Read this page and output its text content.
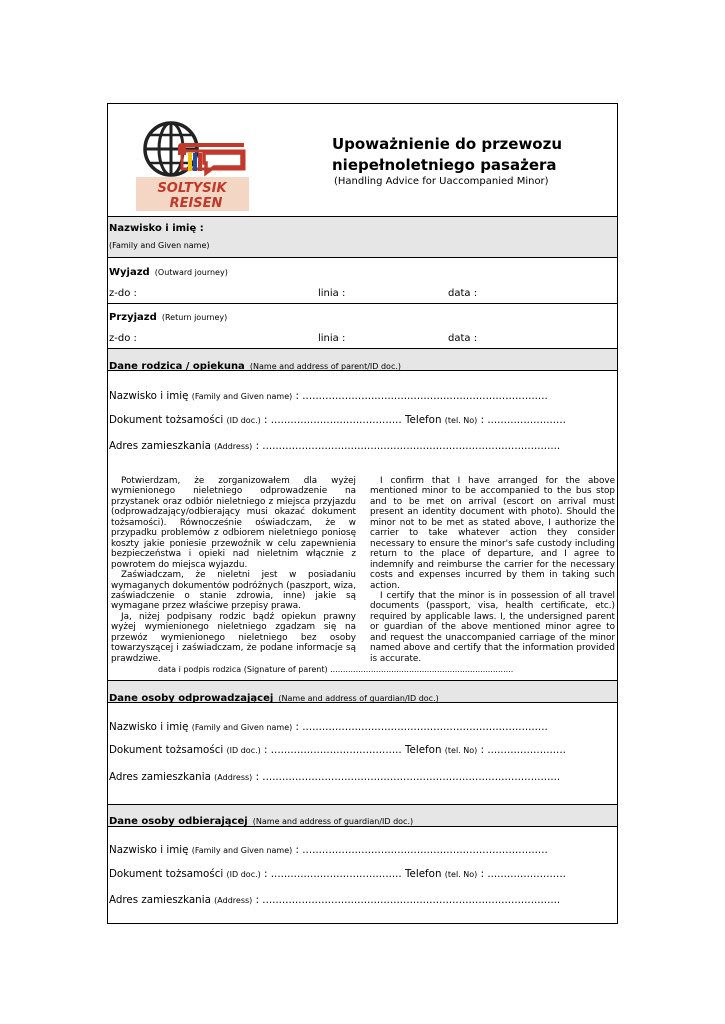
SOLTYSIK
REISEN
Upoważnienie do przewozu
niepełnoletniego pasażera
(Handling Advice for Uaccompanied Minor)
Nazwisko i imię :
(Family and Given name)
Wyjazd (Outward journey)
z-do :	linia :	data :
Przyjazd (Return journey)
z-do :	linia :	data :
Dane rodzica / opiekuna (Name and address of parent/ID doc.)
Nazwisko i imię (Family and Given name) : ...........................................................................
Dokument tożsamości (ID doc.) : ........................................ Telefon (tel. No) : ........................
Adres zamieszkania (Address) : ...........................................................................................
Potwierdzam, że zorganizowałem dla wyżej wymienionego nieletniego odprowadzenie na przystanek oraz odbiór nieletniego z miejsca przyjazdu (odprowadzający/odbierający musi okazać dokument tożsamości). Równocześnie oświadczam, że w przypadku problemów z odbiorem nieletniego poniosę koszty jakie poniesie przewoźnik w celu zapewnienia bezpieczeństwa i opieki nad nieletnim włącznie z powrotem do miejsca wyjazdu.
Zaświadczam, że nieletni jest w posiadaniu wymaganych dokumentów podróżnych (paszport, wiza, zaświadczenie o stanie zdrowia, inne) jakie są wymagane przez właściwe przepisy prawa.
Ja, niżej podpisany rodzic bądź opiekun prawny wyżej wymienionego nieletniego zgadzam się na przewóz wymienionego nieletniego bez osoby towarzyszącej i zaświadczam, że podane informacje są prawdziwe.
I confirm that I have arranged for the above mentioned minor to be accompanied to the bus stop and to be met on arrival (escort on arrival must present an identity document with photo). Should the minor not to be met as stated above, I authorize the carrier to take whatever action they consider necessary to ensure the minor's safe custody including return to the place of departure, and I agree to indemnify and reimburse the carrier for the necessary costs and expenses incurred by them in taking such action.
I certify that the minor is in possession of all travel documents (passport, visa, health certificate, etc.) required by applicable laws. I, the undersigned parent or guardian of the above mentioned minor agree to and request the unaccompanied carriage of the minor named above and certify that the information provided is accurate.
data i podpis rodzica (Signature of parent) ........................................................................
Dane osoby odprowadzającej (Name and address of guardian/ID doc.)
Nazwisko i imię (Family and Given name) : ...........................................................................
Dokument tożsamości (ID doc.) : ........................................ Telefon (tel. No) : ........................
Adres zamieszkania (Address) : ...........................................................................................
Dane osoby odbierającej (Name and address of guardian/ID doc.)
Nazwisko i imię (Family and Given name) : ...........................................................................
Dokument tożsamości (ID doc.) : ........................................ Telefon (tel. No) : ........................
Adres zamieszkania (Address) : ...........................................................................................
